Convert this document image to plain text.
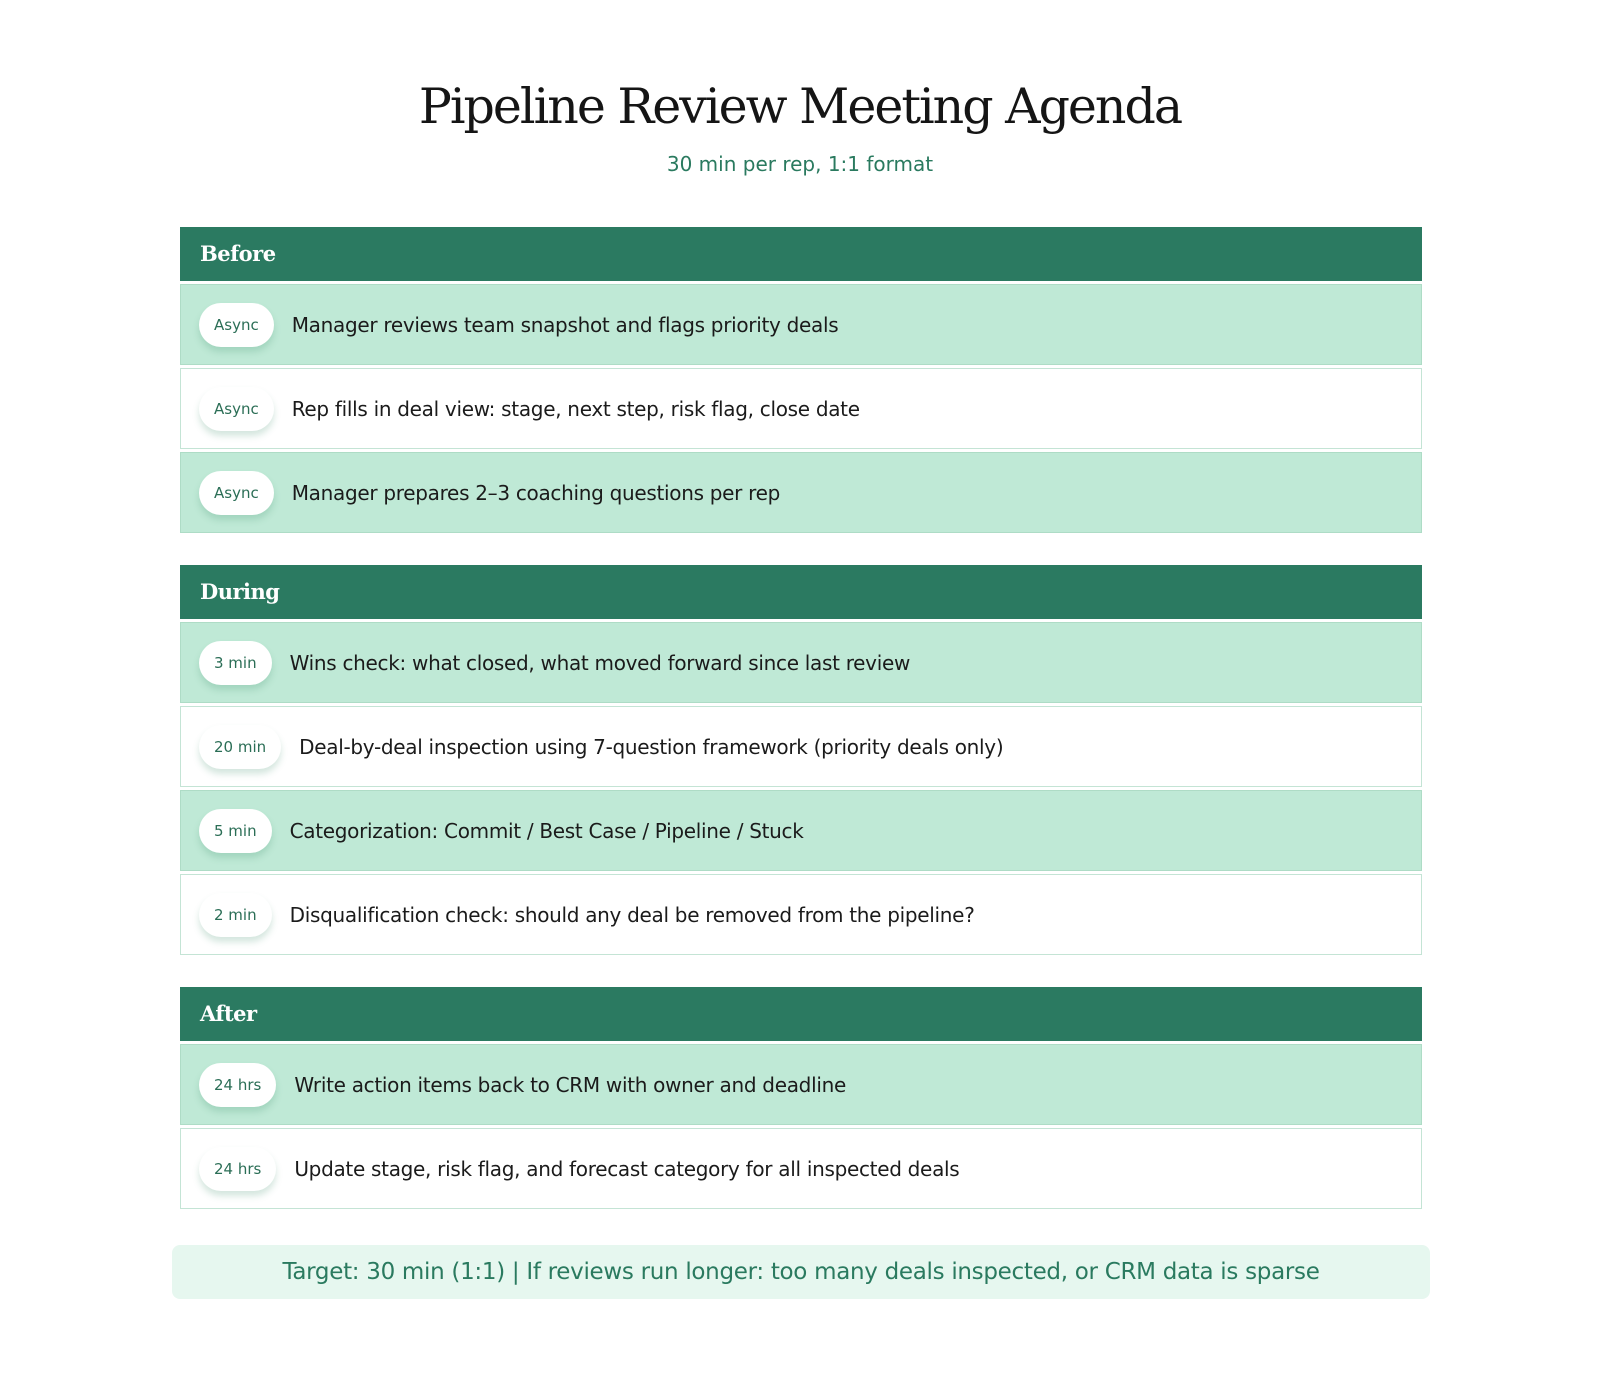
Pipeline Review Meeting Agenda
30 min per rep, 1:1 format
Before
Async	Manager reviews team snapshot and flags priority deals
Async	Rep fills in deal view: stage, next step, risk flag, close date
Async	Manager prepares 2–3 coaching questions per rep
During
3 min	Wins check: what closed, what moved forward since last review
20 min	Deal-by-deal inspection using 7-question framework (priority deals only)
5 min	Categorization: Commit / Best Case / Pipeline / Stuck
2 min	Disqualification check: should any deal be removed from the pipeline?
After
24 hrs	Write action items back to CRM with owner and deadline
24 hrs	Update stage, risk flag, and forecast category for all inspected deals
Target: 30 min (1:1) | If reviews run longer: too many deals inspected, or CRM data is sparse
